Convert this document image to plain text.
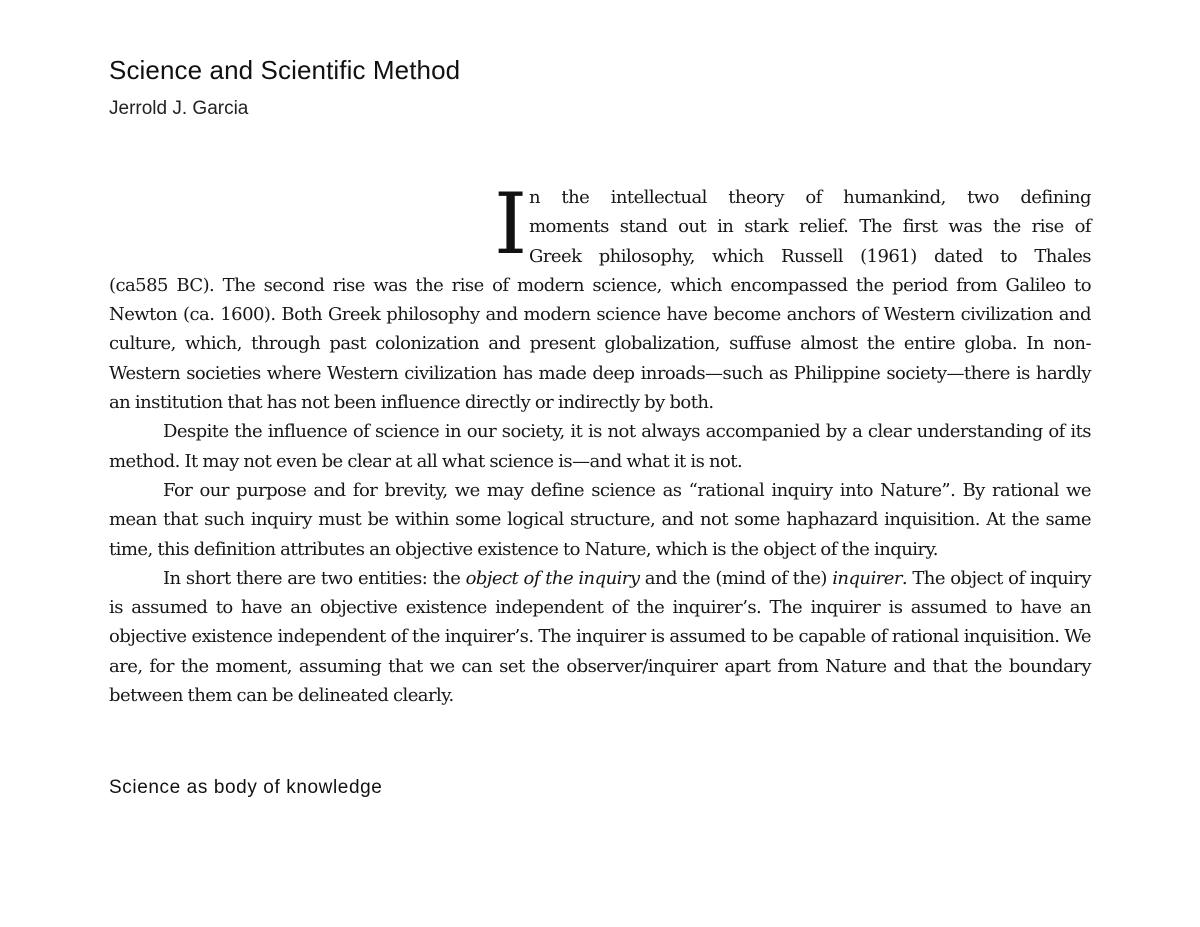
Science and Scientific Method
Jerrold J. Garcia
I n the intellectual theory of humankind, two defining

moments stand out in stark relief. The first was the rise of

Greek philosophy, which Russell (1961) dated to Thales

(ca585 BC). The second rise was the rise of modern science, which encompassed the period from Galileo to Newton (ca. 1600). Both Greek philosophy and modern science have become anchors of Western civilization and culture, which, through past colonization and present globalization, suffuse almost the entire globa. In non-Western societies where Western civilization has made deep inroads—such as Philippine society—there is hardly an institution that has not been influence directly or indirectly by both.

Despite the influence of science in our society, it is not always accompanied by a clear understanding of its method. It may not even be clear at all what science is—and what it is not.

For our purpose and for brevity, we may define science as “rational inquiry into Nature”. By rational we mean that such inquiry must be within some logical structure, and not some haphazard inquisition. At the same time, this definition attributes an objective existence to Nature, which is the object of the inquiry.

In short there are two entities: the object of the inquiry and the (mind of the) inquirer. The object of inquiry is assumed to have an objective existence independent of the inquirer’s. The inquirer is assumed to have an objective existence independent of the inquirer’s. The inquirer is assumed to be capable of rational inquisition. We are, for the moment, assuming that we can set the observer/inquirer apart from Nature and that the boundary between them can be delineated clearly.

Science as body of knowledge
